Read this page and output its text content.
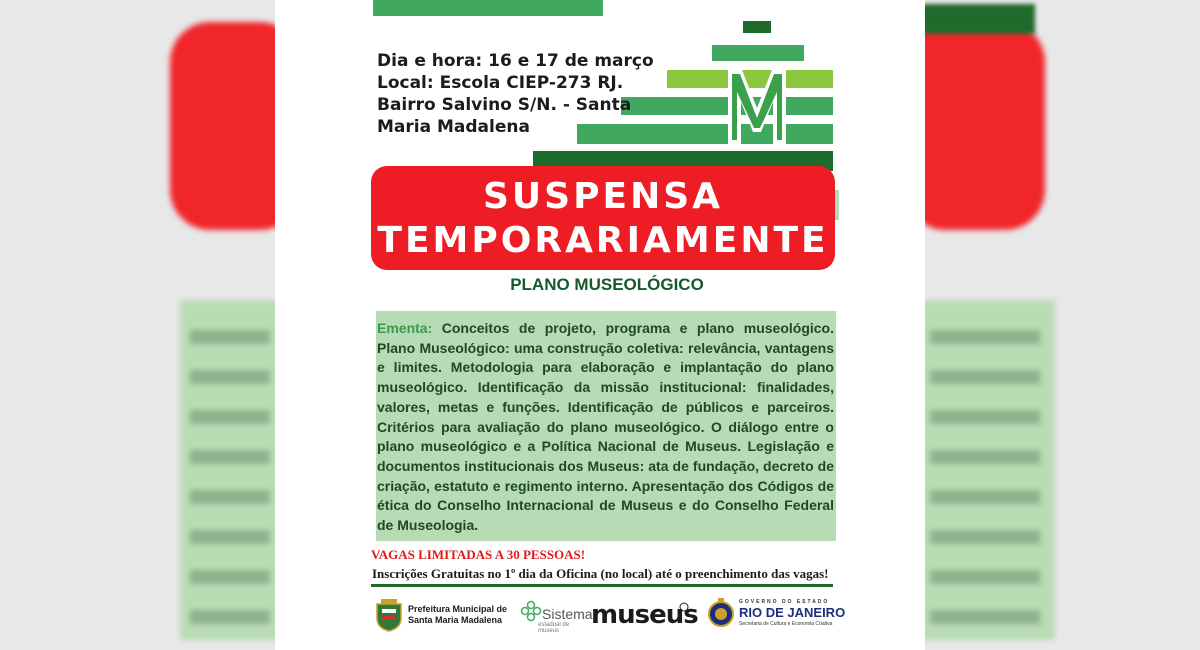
Dia e hora: 16 e 17 de março
Local: Escola CIEP-273 RJ.
Bairro Salvino S/N. - Santa
Maria Madalena
SUSPENSA
TEMPORARIAMENTE
PLANO MUSEOLÓGICO

Ementa: Conceitos de projeto, programa e plano museológico. Plano Museológico: uma construção coletiva: relevância, vantagens e limites. Metodologia para elaboração e implantação do plano museológico. Identificação da missão institucional: finalidades, valores, metas e funções. Identificação de públicos e parceiros. Critérios para avaliação do plano museológico. O diálogo entre o plano museológico e a Política Nacional de Museus. Legislação e documentos institucionais dos Museus: ata de fundação, decreto de criação, estatuto e regimento interno. Apresentação dos Códigos de ética do Conselho Internacional de Museus e do Conselho Federal de Museologia.

VAGAS LIMITADAS A 30 PESSOAS!
Inscrições Gratuitas no 1º dia da Oficina (no local) até o preenchimento das vagas!
Prefeitura Municipal de
Santa Maria Madalena	Sistema
estadual de museus
museus	GOVERNO DO ESTADO
RIO DE JANEIRO
Secretaria de Cultura e Economia Criativa
